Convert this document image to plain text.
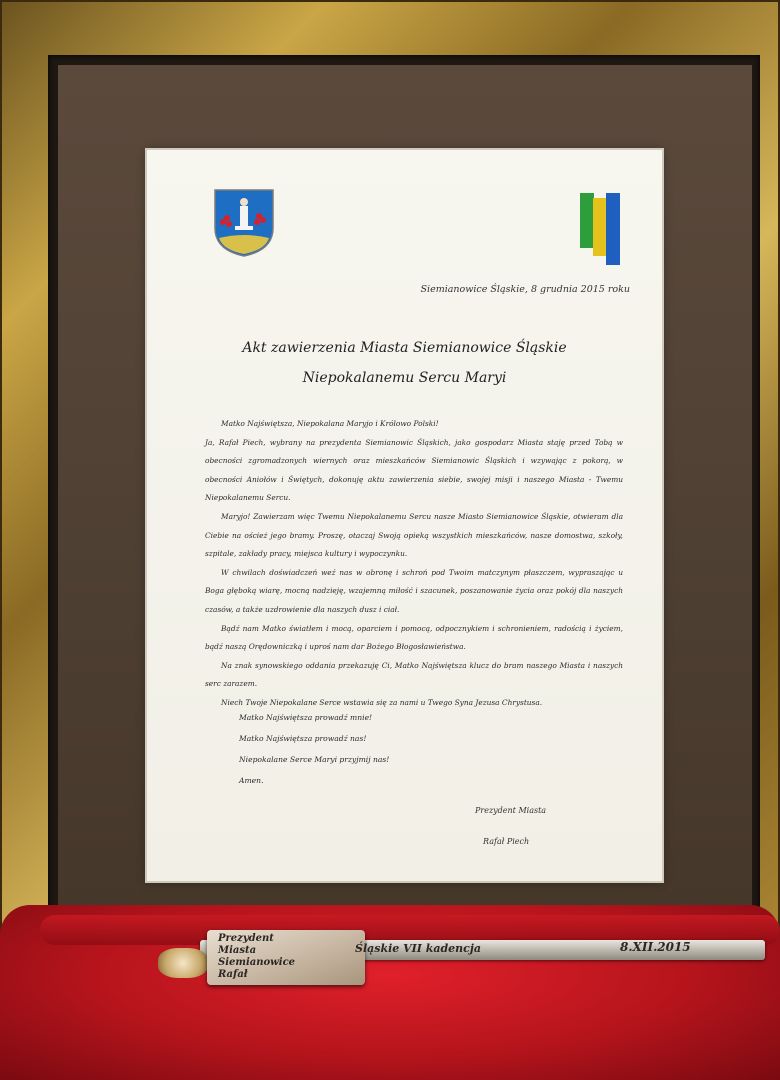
Siemianowice Śląskie, 8 grudnia 2015 roku
Akt zawierzenia Miasta Siemianowice Śląskie
Niepokalanemu Sercu Maryi

Matko Najświętsza, Niepokalana Maryjo i Królowo Polski!

Ja, Rafał Piech, wybrany na prezydenta Siemianowic Śląskich, jako gospodarz Miasta staję przed Tobą w obecności zgromadzonych wiernych oraz mieszkańców Siemianowic Śląskich i wzywając z pokorą, w obecności Aniołów i Świętych, dokonuję aktu zawierzenia siebie, swojej misji i naszego Miasta - Twemu Niepokalanemu Sercu.

Maryjo! Zawierzam więc Twemu Niepokalanemu Sercu nasze Miasto Siemianowice Śląskie, otwieram dla Ciebie na oścież jego bramy. Proszę, otaczaj Swoją opieką wszystkich mieszkańców, nasze domostwa, szkoły, szpitale, zakłady pracy, miejsca kultury i wypoczynku.

W chwilach doświadczeń weź nas w obronę i schroń pod Twoim matczynym płaszczem, wypraszając u Boga głęboką wiarę, mocną nadzieję, wzajemną miłość i szacunek, poszanowanie życia oraz pokój dla naszych czasów, a także uzdrowienie dla naszych dusz i ciał.

Bądź nam Matko światłem i mocą, oparciem i pomocą, odpocznykiem i schronieniem, radością i życiem, bądź naszą Orędowniczką i uproś nam dar Bożego Błogosławieństwa.

Na znak synowskiego oddania przekazuję Ci, Matko Najświętsza klucz do bram naszego Miasta i naszych serc zarazem.

Niech Twoje Niepokalane Serce wstawia się za nami u Twego Syna Jezusa Chrystusa.

Matko Najświętsza prowadź mnie!
Matko Najświętsza prowadź nas!
Niepokalane Serce Maryi przyjmij nas!
Amen.
Prezydent Miasta
Rafał Piech
Prezydent
Miasta
Siemianowice
Rafał
Śląskie VII kadencja	8.XII.2015
